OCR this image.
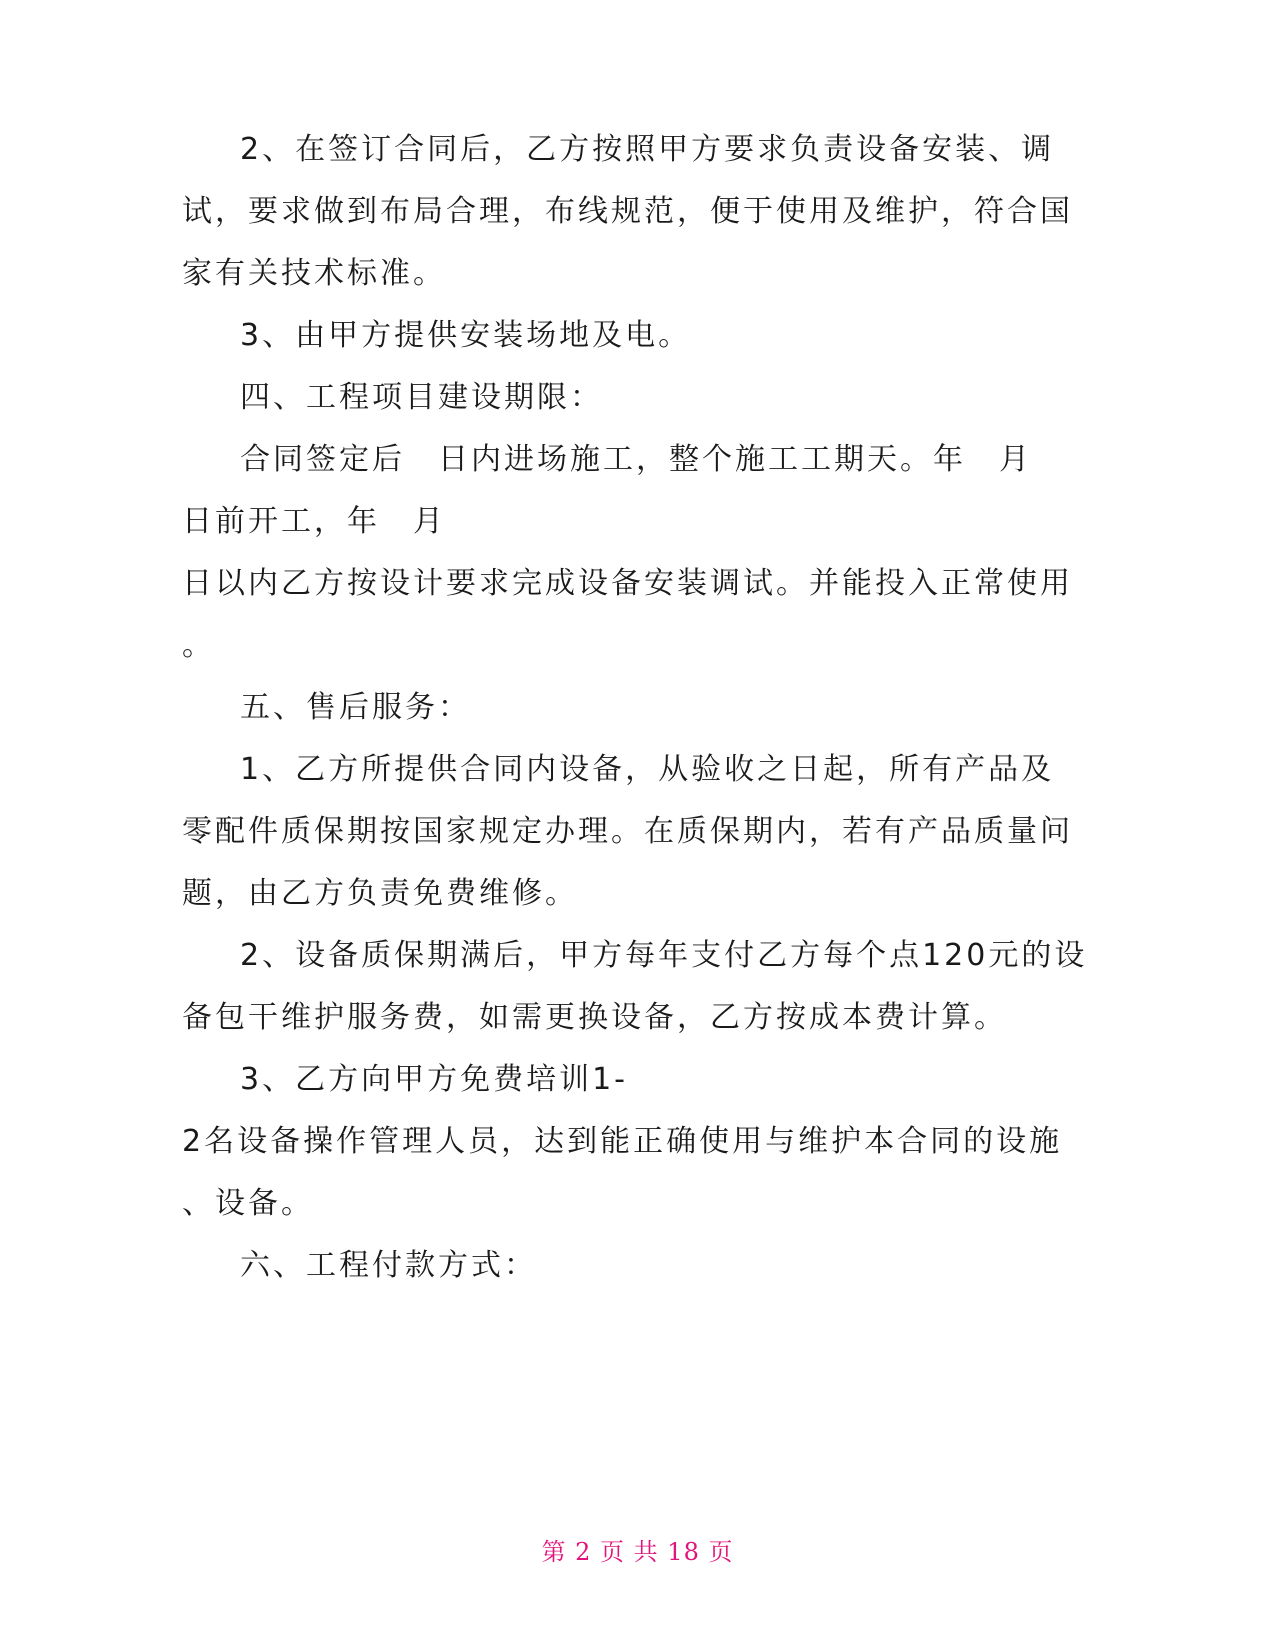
2、在签订合同后，乙方按照甲方要求负责设备安装、调
试，要求做到布局合理，布线规范，便于使用及维护，符合国
家有关技术标准。
3、由甲方提供安装场地及电。
四、工程项目建设期限：
合同签定后　日内进场施工，整个施工工期天。年　月
日前开工，年　月
日以内乙方按设计要求完成设备安装调试。并能投入正常使用
。
五、售后服务：
1、乙方所提供合同内设备，从验收之日起，所有产品及
零配件质保期按国家规定办理。在质保期内，若有产品质量问
题，由乙方负责免费维修。
2、设备质保期满后，甲方每年支付乙方每个点120元的设
备包干维护服务费，如需更换设备，乙方按成本费计算。
3、乙方向甲方免费培训1-
2名设备操作管理人员，达到能正确使用与维护本合同的设施
、设备。
六、工程付款方式：
第 2 页 共 18 页
